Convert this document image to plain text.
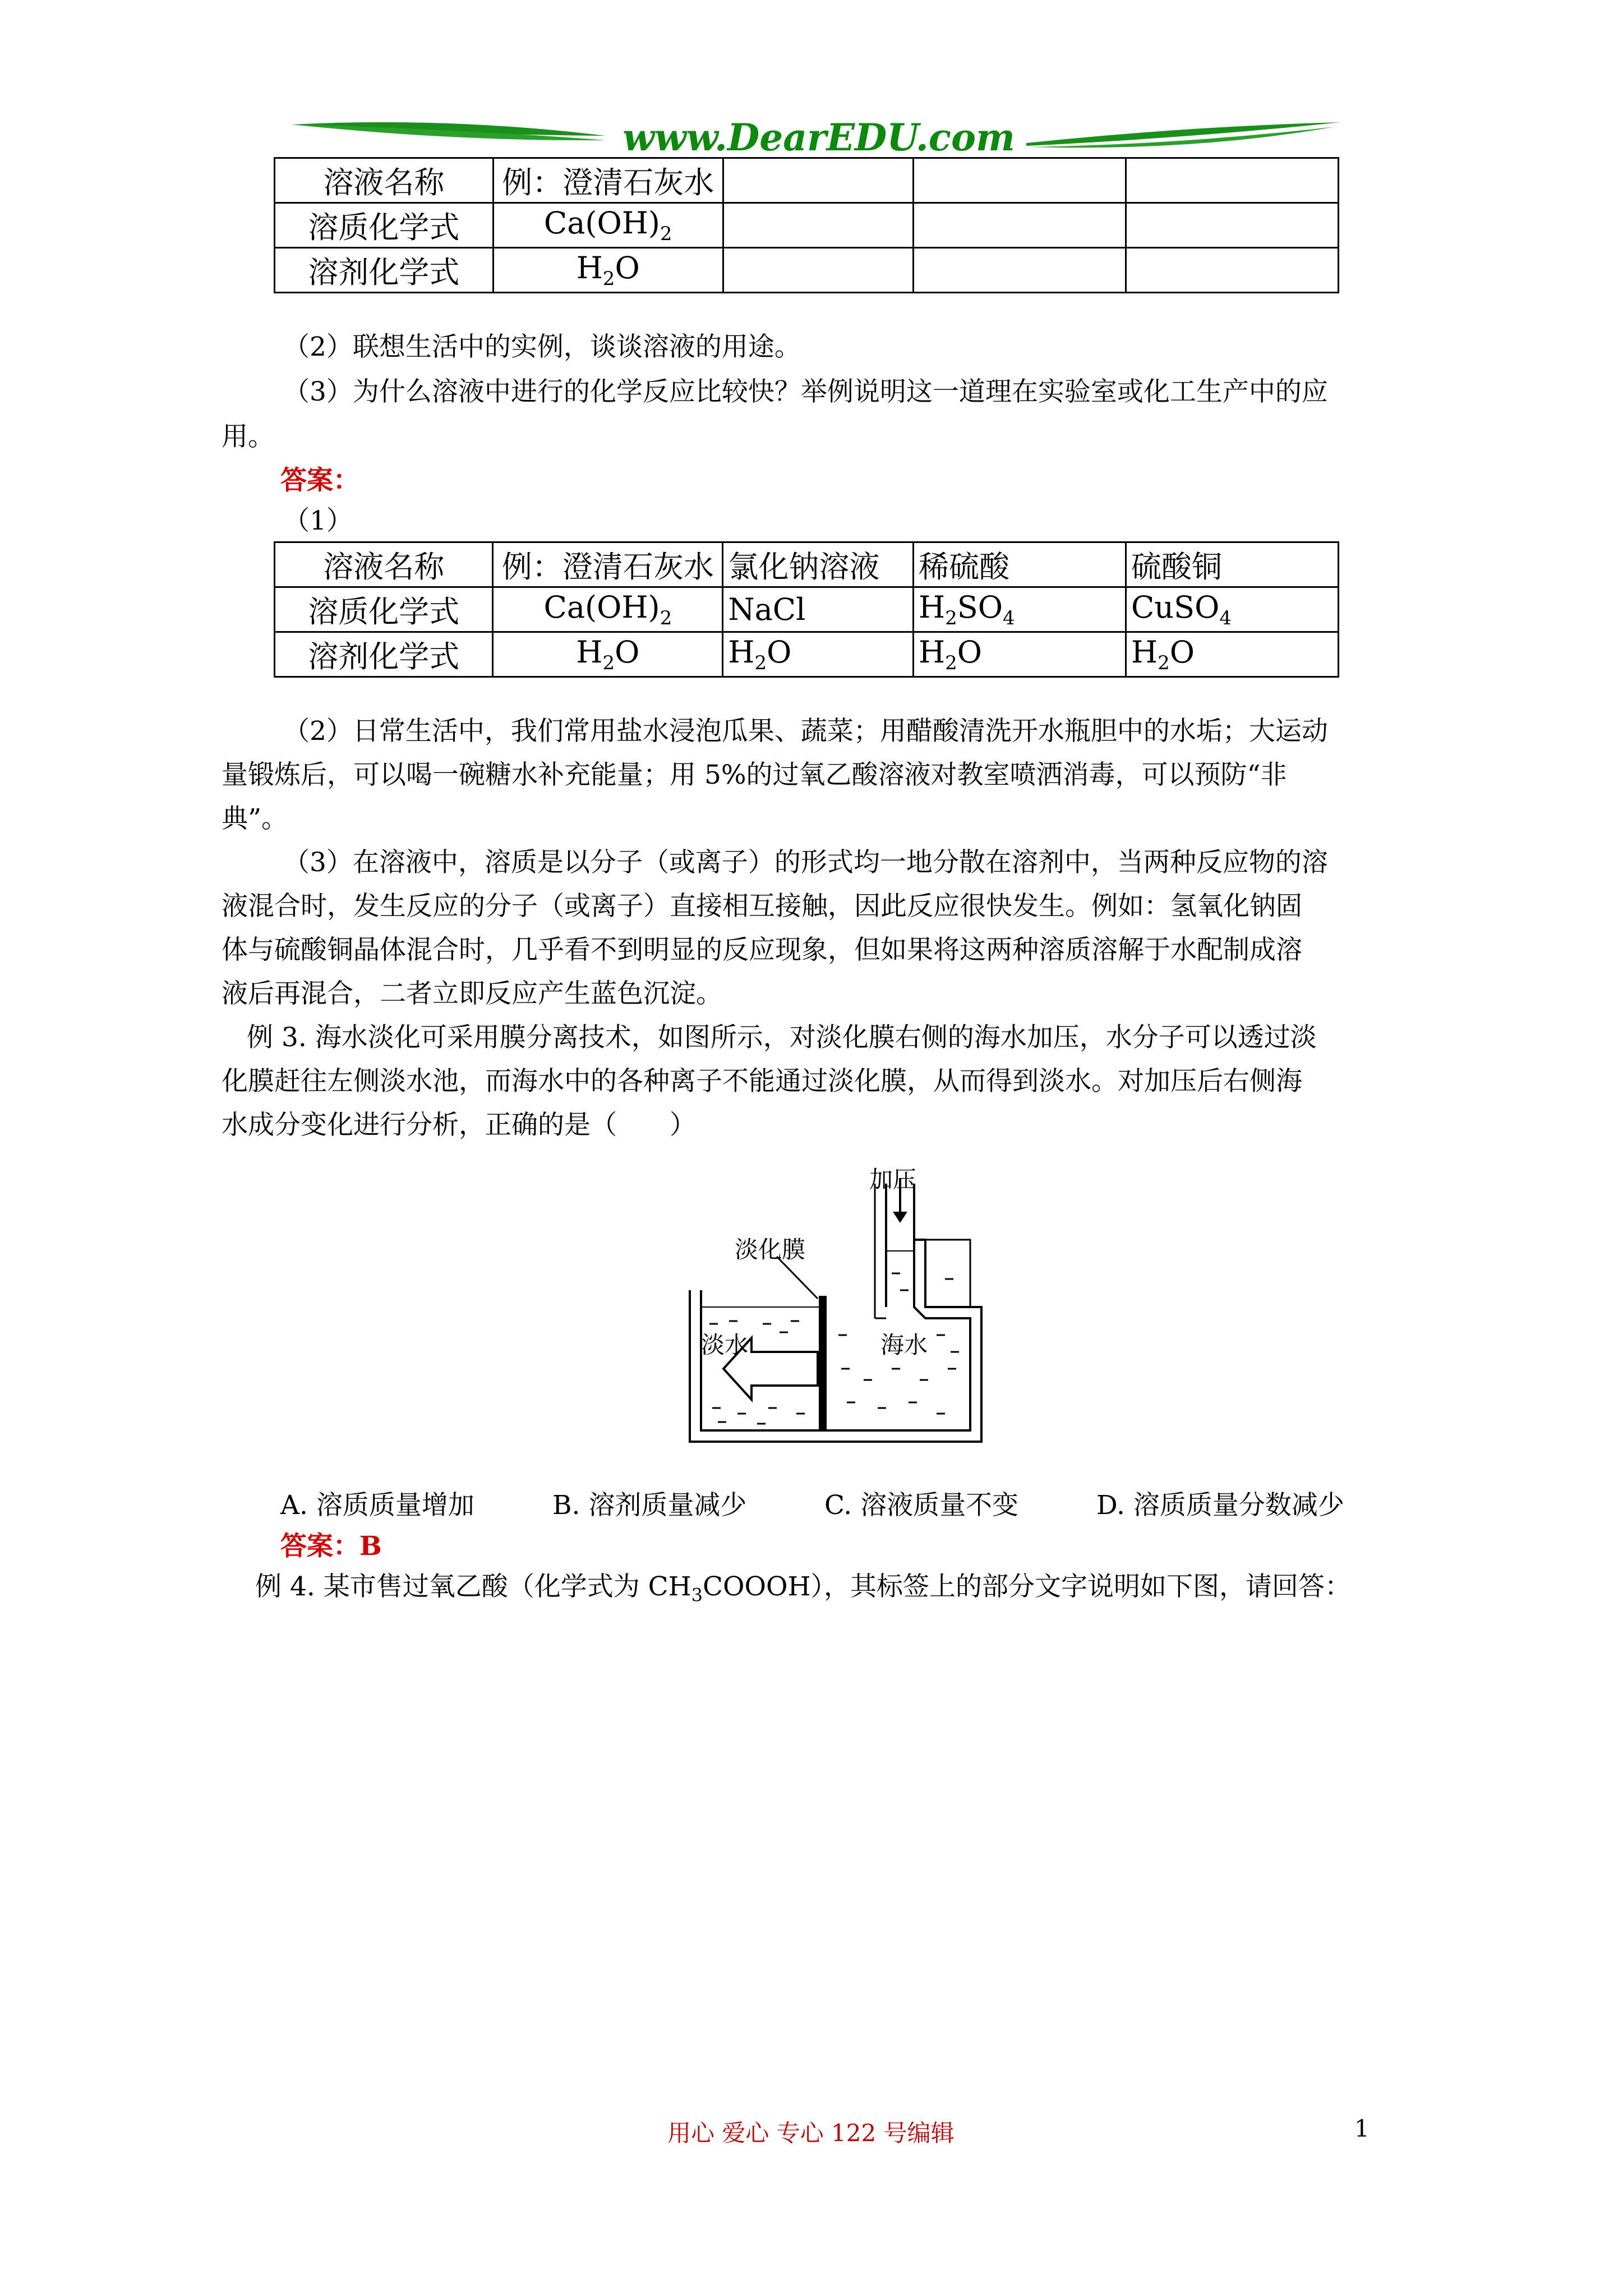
www.DearEDU.com
溶液名称	例：澄清石灰水			
溶质化学式	$Ca(OH)_2$			
溶剂化学式	$H_2O$			
（2）联想生活中的实例，谈谈溶液的用途。
（3）为什么溶液中进行的化学反应比较快？举例说明这一道理在实验室或化工生产中的应
用。
答案：
（1）
溶液名称	例：澄清石灰水	氯化钠溶液	稀硫酸	硫酸铜
溶质化学式	$Ca(OH)_2$	NaCl	$H_2SO_4$	CuSO$_4$
溶剂化学式	$H_2O$	$H_2O$	$H_2O$	$H_2O$
（2）日常生活中，我们常用盐水浸泡瓜果、蔬菜；用醋酸清洗开水瓶胆中的水垢；大运动
量锻炼后，可以喝一碗糖水补充能量；用 5%的过氧乙酸溶液对教室喷洒消毒，可以预防“非
典”。
（3）在溶液中，溶质是以分子（或离子）的形式均一地分散在溶剂中，当两种反应物的溶
液混合时，发生反应的分子（或离子）直接相互接触，因此反应很快发生。例如：氢氧化钠固
体与硫酸铜晶体混合时，几乎看不到明显的反应现象，但如果将这两种溶质溶解于水配制成溶
液后再混合，二者立即反应产生蓝色沉淀。
例 3. 海水淡化可采用膜分离技术，如图所示，对淡化膜右侧的海水加压，水分子可以透过淡
化膜赶往左侧淡水池，而海水中的各种离子不能通过淡化膜，从而得到淡水。对加压后右侧海
水成分变化进行分析，正确的是（　　）
加压
淡化膜
淡水	海水
A. 溶质质量增加	B. 溶剂质量减少	C. 溶液质量不变	D. 溶质质量分数减少
答案：B
例 4. 某市售过氧乙酸（化学式为 $CH_3COOOH$），其标签上的部分文字说明如下图，请回答：
用心 爱心 专心 122 号编辑	1
